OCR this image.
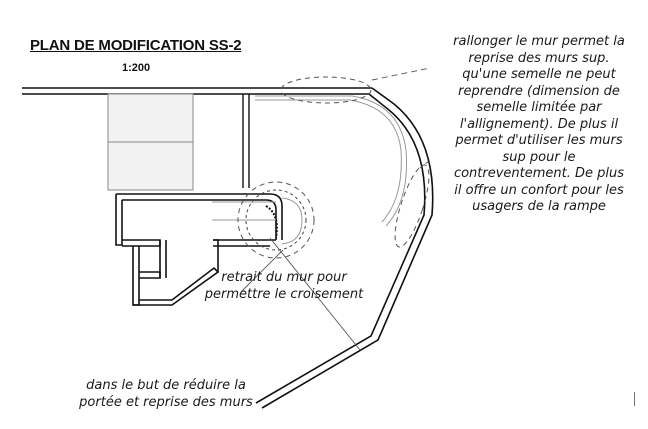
PLAN DE MODIFICATION SS-2
1:200
rallonger le mur permet la
reprise des murs sup.
qu'une semelle ne peut
reprendre (dimension de
semelle limitée par
l'allignement). De plus il
permet d'utiliser les murs
sup pour le
contreventement. De plus
il offre un confort pour les
usagers de la rampe
retrait du mur pour
permettre le croisement
dans le but de réduire la
portée et reprise des murs
